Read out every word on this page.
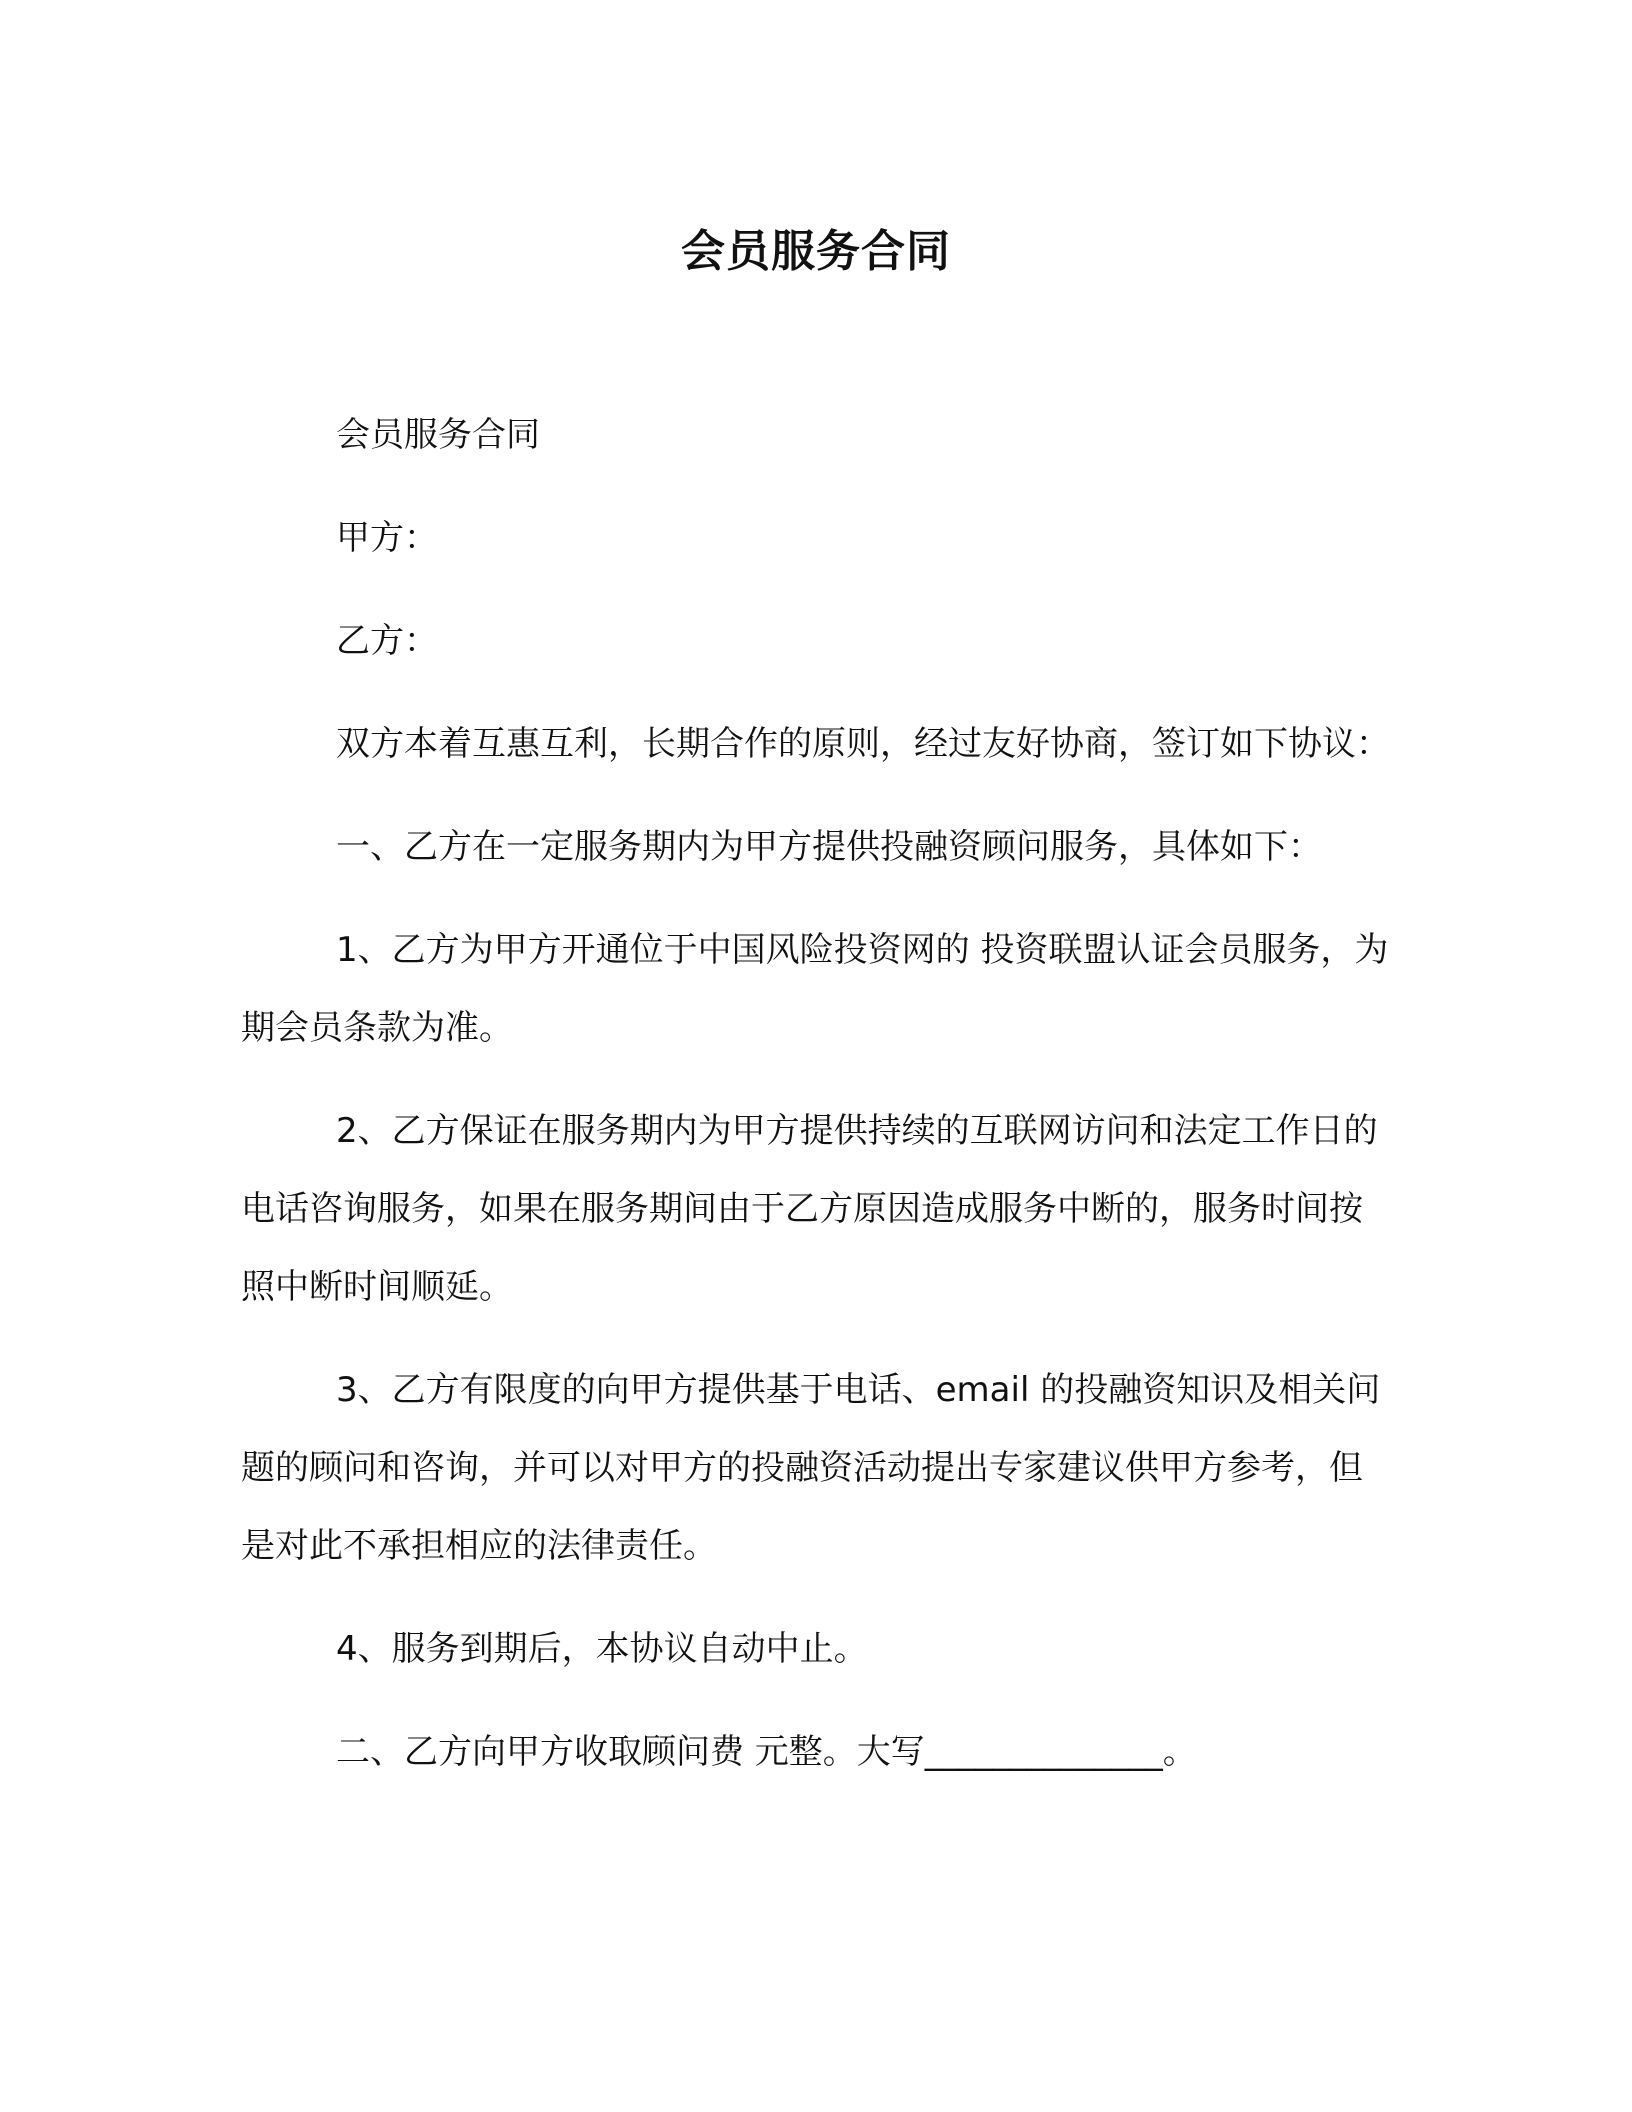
会员服务合同

会员服务合同

甲方：

乙方：

双方本着互惠互利，长期合作的原则，经过友好协商，签订如下协议：

一、乙方在一定服务期内为甲方提供投融资顾问服务，具体如下：

1、乙方为甲方开通位于中国风险投资网的 投资联盟认证会员服务，为期会员条款为准。

2、乙方保证在服务期内为甲方提供持续的互联网访问和法定工作日的电话咨询服务，如果在服务期间由于乙方原因造成服务中断的，服务时间按照中断时间顺延。

3、乙方有限度的向甲方提供基于电话、email 的投融资知识及相关问题的顾问和咨询，并可以对甲方的投融资活动提出专家建议供甲方参考，但是对此不承担相应的法律责任。

4、服务到期后，本协议自动中止。

二、乙方向甲方收取顾问费 元整。大写______________。
